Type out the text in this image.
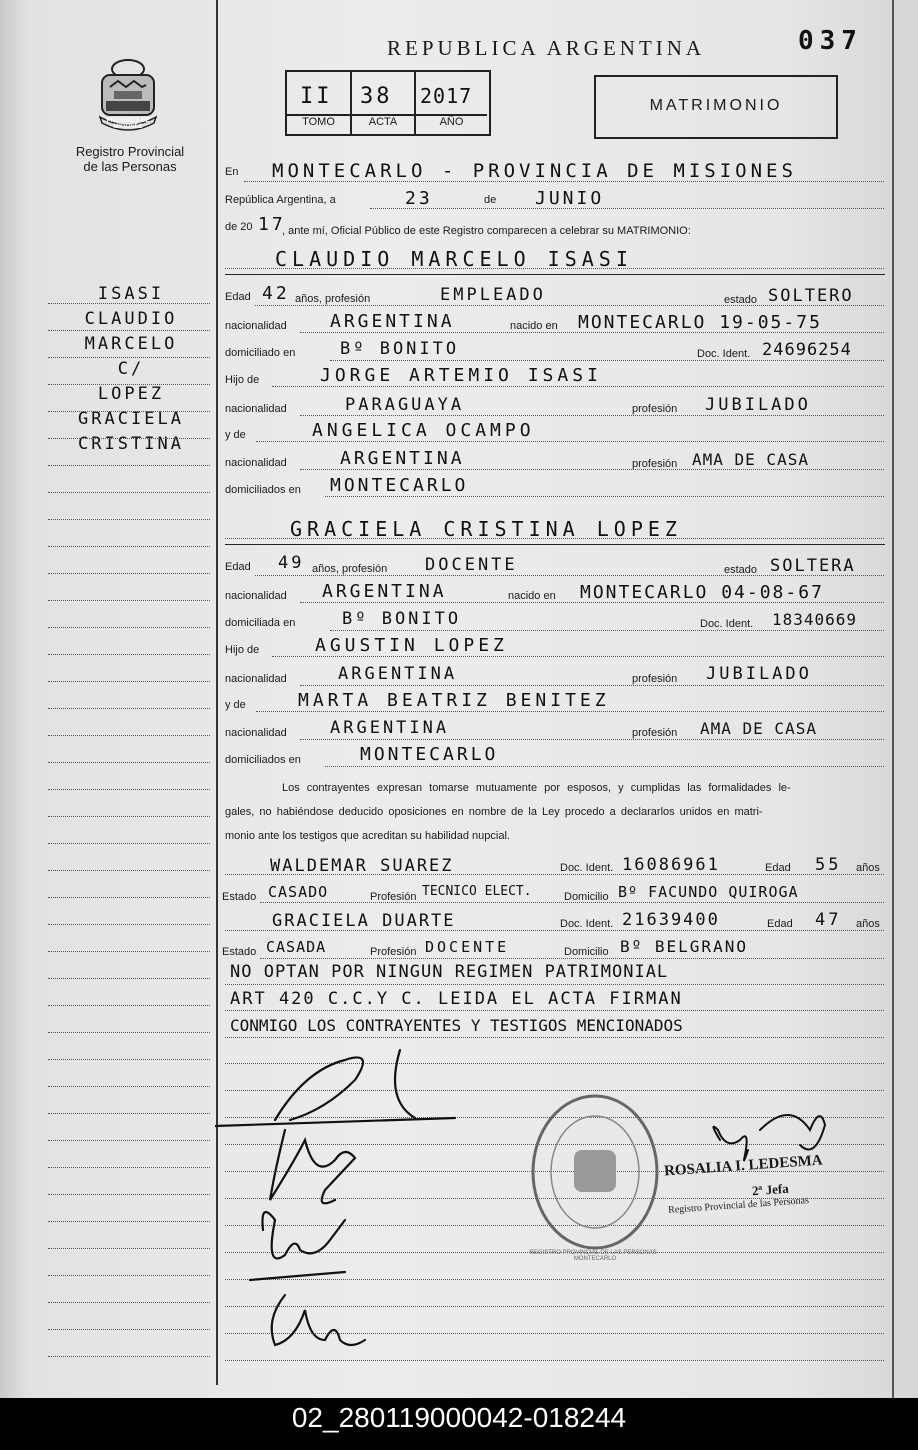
PROVINCIA DE MISIONES
Registro Provincial
de las Personas
REPUBLICA ARGENTINA	037
II 38 2017
TOMO	ACTA	AÑO
MATRIMONIO
ISASI
CLAUDIO
MARCELO
C/
LOPEZ
GRACIELA
CRISTINA
En MONTECARLO - PROVINCIA DE MISIONES
República Argentina, a	23	de JUNIO
de 20 17
, ante mí, Oficial Público de este Registro comparecen a celebrar su MATRIMONIO:
CLAUDIO MARCELO ISASI
Edad 42 años, profesión	EMPLEADO	estado SOLTERO
nacionalidad ARGENTINA	nacido en MONTECARLO 19-05-75
domiciliado en	Bº BONITO	Doc. Ident. 24696254
Hijo de	JORGE ARTEMIO ISASI
nacionalidad	PARAGUAYA	profesión JUBILADO
y de	ANGELICA OCAMPO
nacionalidad	ARGENTINA	profesión AMA DE CASA
domiciliados en MONTECARLO
GRACIELA CRISTINA LOPEZ
Edad 49 años, profesión DOCENTE	estado SOLTERA
nacionalidad ARGENTINA	nacido en MONTECARLO 04-08-67
domiciliada en	Bº BONITO	Doc. Ident. 18340669
Hijo de	AGUSTIN LOPEZ
nacionalidad	ARGENTINA	profesión JUBILADO
y de	MARTA BEATRIZ BENITEZ
nacionalidad	ARGENTINA	profesión AMA DE CASA
domiciliados en	MONTECARLO
Los contrayentes expresan tomarse mutuamente por esposos, y cumplidas las formalidades le-
gales, no habiéndose deducido oposiciones en nombre de la Ley procedo a declararlos unidos en matri-
monio ante los testigos que acreditan su habilidad nupcial.
WALDEMAR SUAREZ	Doc. Ident. 16086961	Edad 55 años
Estado CASADO	Profesión TECNICO ELECT.	Domicilio Bº FACUNDO QUIROGA
GRACIELA DUARTE	Doc. Ident. 21639400	Edad 47 años
Estado CASADA	Profesión DOCENTE	Domicilio Bº BELGRANO
NO OPTAN POR NINGUN REGIMEN PATRIMONIAL
ART 420 C.C.Y C. LEIDA EL ACTA FIRMAN
CONMIGO LOS CONTRAYENTES Y TESTIGOS MENCIONADOS
REGISTRO PROVINCIAL DE LAS PERSONAS - MONTECARLO
ROSALIA I. LEDESMA
2ª Jefa
Registro Provincial de las Personas
02_280119000042-018244
